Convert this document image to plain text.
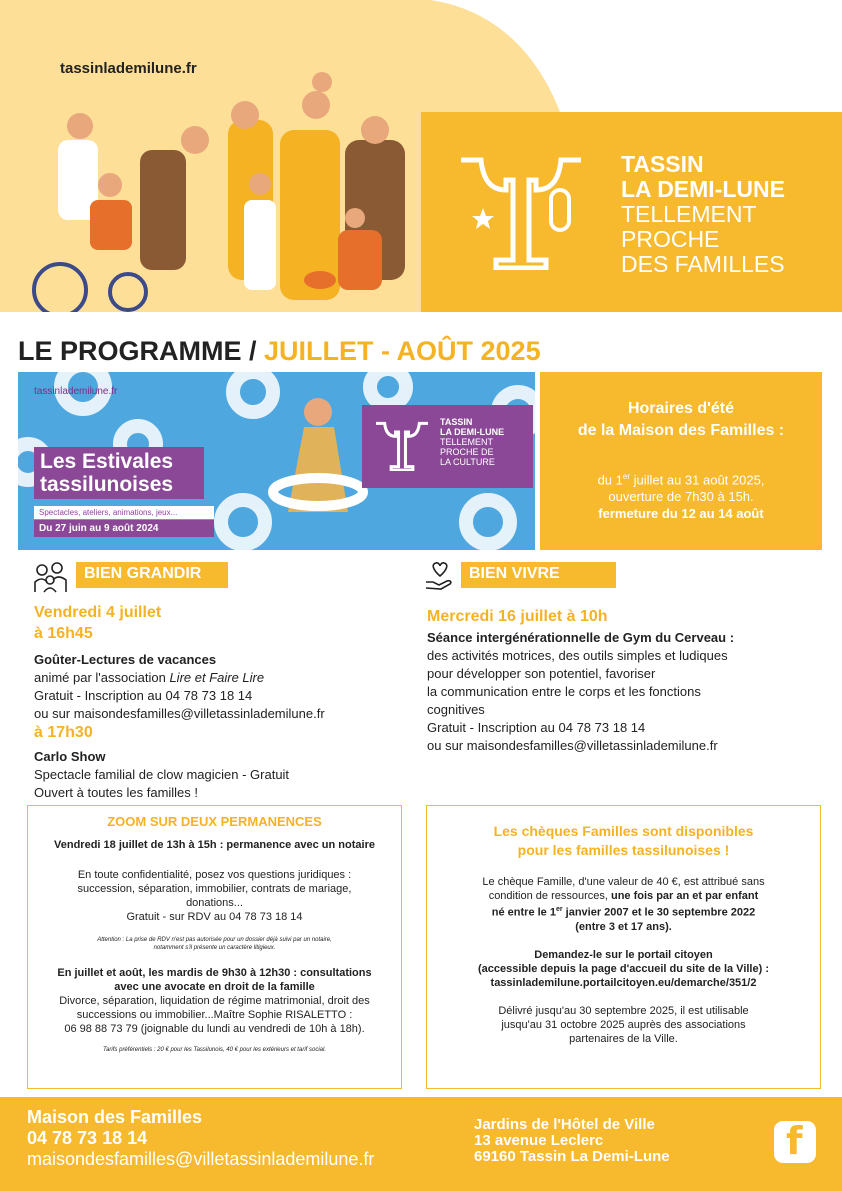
tassinlademilune.fr
TASSIN
LA DEMI-LUNE
TELLEMENT
PROCHE
DES FAMILLES
LE PROGRAMME / JUILLET - AOÛT 2025
tassinlademilune.fr
Les Estivales
tassilunoises
Spectacles, ateliers, animations, jeux...
Du 27 juin au 9 août 2024
TASSIN
LA DEMI-LUNE
TELLEMENT
PROCHE DE
LA CULTURE
Horaires d'été
de la Maison des Familles :
du 1er juillet au 31 août 2025,
ouverture de 7h30 à 15h.
fermeture du 12 au 14 août
BIEN GRANDIR
Vendredi 4 juillet
à 16h45
Goûter-Lectures de vacances
animé par l'association Lire et Faire Lire
Gratuit - Inscription au 04 78 73 18 14
ou sur maisondesfamilles@villetassinlademilune.fr
à 17h30
Carlo Show
Spectacle familial de clow magicien - Gratuit
Ouvert à toutes les familles !
BIEN VIVRE
Mercredi 16 juillet à 10h
Séance intergénérationnelle de Gym du Cerveau :
des activités motrices, des outils simples et ludiques
pour développer son potentiel, favoriser
la communication entre le corps et les fonctions
cognitives
Gratuit - Inscription au 04 78 73 18 14
ou sur maisondesfamilles@villetassinlademilune.fr
ZOOM SUR DEUX PERMANENCES
Vendredi 18 juillet de 13h à 15h : permanence avec un notaire
En toute confidentialité, posez vos questions juridiques :
succession, séparation, immobilier, contrats de mariage,
donations...
Gratuit - sur RDV au 04 78 73 18 14
Attention : La prise de RDV n'est pas autorisée pour un dossier déjà suivi par un notaire,
notamment s'il présente un caractère litigieux.
En juillet et août, les mardis de 9h30 à 12h30 : consultations
avec une avocate en droit de la famille
Divorce, séparation, liquidation de régime matrimonial, droit des
successions ou immobilier...Maître Sophie RISALETTO :
06 98 88 73 79 (joignable du lundi au vendredi de 10h à 18h).
Tarifs préférentiels : 20 € pour les Tassilunois, 40 € pour les extérieurs et tarif social.
Les chèques Familles sont disponibles
pour les familles tassilunoises !
Le chèque Famille, d'une valeur de 40 €, est attribué sans
condition de ressources, une fois par an et par enfant
né entre le 1er janvier 2007 et le 30 septembre 2022
(entre 3 et 17 ans).
Demandez-le sur le portail citoyen
(accessible depuis la page d'accueil du site de la Ville) :
tassinlademilune.portailcitoyen.eu/demarche/351/2
Délivré jusqu'au 30 septembre 2025, il est utilisable
jusqu'au 31 octobre 2025 auprès des associations
partenaires de la Ville.
Maison des Familles
04 78 73 18 14
maisondesfamilles@villetassinlademilune.fr
Jardins de l'Hôtel de Ville
13 avenue Leclerc
69160 Tassin La Demi-Lune	f
